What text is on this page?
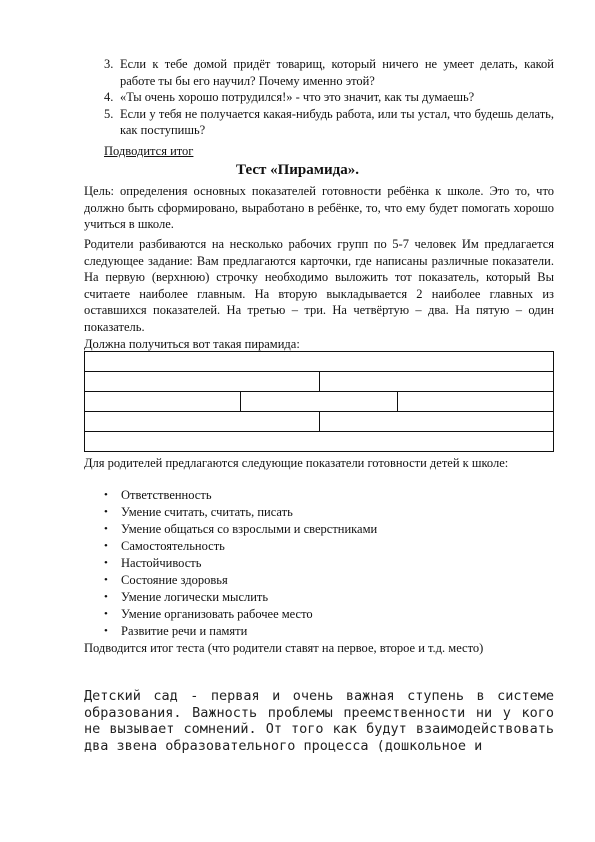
3. Если к тебе домой придёт товарищ, который ничего не умеет делать, какой работе ты бы его научил? Почему именно этой?
4. «Ты очень хорошо потрудился!» - что это значит, как ты думаешь?
5. Если у тебя не получается какая-нибудь работа, или ты устал, что будешь делать, как поступишь?
Подводится итог
Тест «Пирамида».

Цель: определения основных показателей готовности ребёнка к школе. Это то, что должно быть сформировано, выработано в ребёнке, то, что ему будет помогать хорошо учиться в школе.

Родители разбиваются на несколько рабочих групп по 5-7 человек Им предлагается следующее задание: Вам предлагаются карточки, где написаны различные показатели. На первую (верхнюю) строчку необходимо выложить тот показатель, который Вы считаете наиболее главным. На вторую выкладывается 2 наиболее главных из оставшихся показателей. На третью – три. На четвёртую – два. На пятую – один показатель.

Должна получиться вот такая пирамида:

Для родителей предлагаются следующие показатели готовности детей к школе:

• Ответственность
• Умение считать, считать, писать
• Умение общаться со взрослыми и сверстниками
• Самостоятельность
• Настойчивость
• Состояние здоровья
• Умение логически мыслить
• Умение организовать рабочее место
• Развитие речи и памяти

Подводится итог теста (что родители ставят на первое, второе и т.д. место)

Детский сад - первая и очень важная ступень в системе образования. Важность проблемы преемственности ни у кого не вызывает сомнений. От того как будут взаимодействовать два звена образовательного процесса (дошкольное и
